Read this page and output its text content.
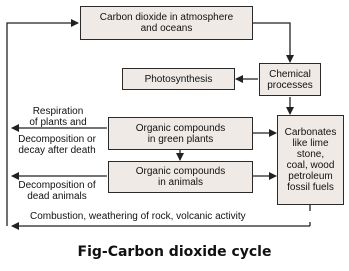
Carbon dioxide in atmosphere
and oceans
Photosynthesis	Chemical
processes
Organic compounds
in green plants
Organic compounds
in animals
Carbonates
like lime stone,
coal, wood
petroleum
fossil fuels
Respiration
of plants and
Decomposition or
decay after death
Decomposition of
dead animals
Combustion, weathering of rock, volcanic activity
Fig-Carbon dioxide cycle
